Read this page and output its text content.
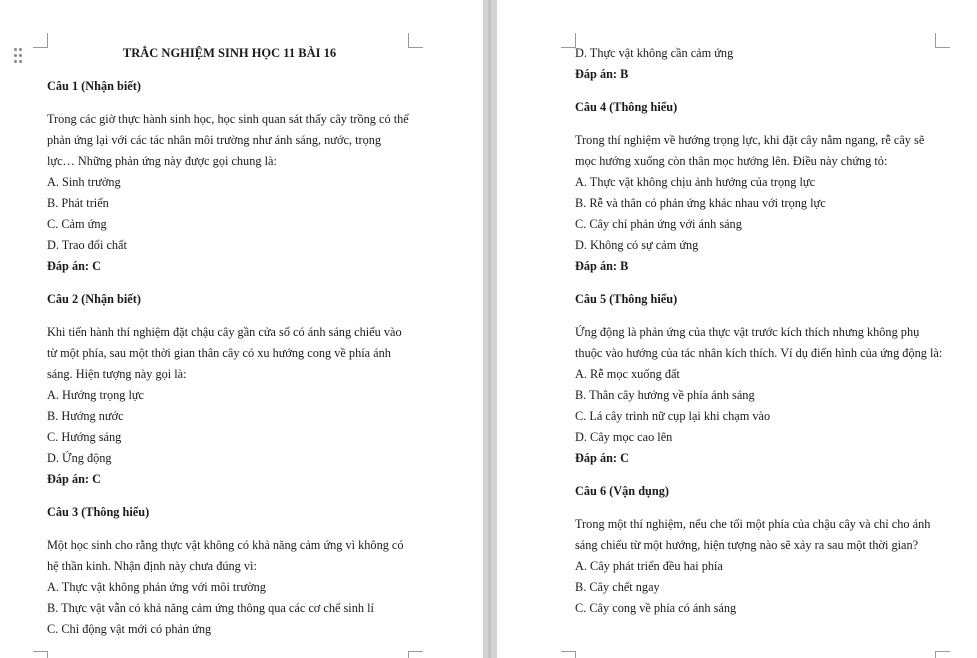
TRẮC NGHIỆM SINH HỌC 11 BÀI 16
Câu 1 (Nhận biết)
Trong các giờ thực hành sinh học, học sinh quan sát thấy cây trồng có thể
phản ứng lại với các tác nhân môi trường như ánh sáng, nước, trọng
lực… Những phản ứng này được gọi chung là:
A. Sinh trưởng
B. Phát triển
C. Cảm ứng
D. Trao đổi chất
Đáp án: C
Câu 2 (Nhận biết)
Khi tiến hành thí nghiệm đặt chậu cây gần cửa sổ có ánh sáng chiếu vào
từ một phía, sau một thời gian thân cây có xu hướng cong về phía ánh
sáng. Hiện tượng này gọi là:
A. Hướng trọng lực
B. Hướng nước
C. Hướng sáng
D. Ứng động
Đáp án: C
Câu 3 (Thông hiểu)
Một học sinh cho rằng thực vật không có khả năng cảm ứng vì không có
hệ thần kinh. Nhận định này chưa đúng vì:
A. Thực vật không phản ứng với môi trường
B. Thực vật vẫn có khả năng cảm ứng thông qua các cơ chế sinh lí
C. Chỉ động vật mới có phản ứng
D. Thực vật không cần cảm ứng
Đáp án: B
Câu 4 (Thông hiểu)
Trong thí nghiệm về hướng trọng lực, khi đặt cây nằm ngang, rễ cây sẽ
mọc hướng xuống còn thân mọc hướng lên. Điều này chứng tỏ:
A. Thực vật không chịu ảnh hưởng của trọng lực
B. Rễ và thân có phản ứng khác nhau với trọng lực
C. Cây chỉ phản ứng với ánh sáng
D. Không có sự cảm ứng
Đáp án: B
Câu 5 (Thông hiểu)
Ứng động là phản ứng của thực vật trước kích thích nhưng không phụ
thuộc vào hướng của tác nhân kích thích. Ví dụ điển hình của ứng động là:
A. Rễ mọc xuống đất
B. Thân cây hướng về phía ánh sáng
C. Lá cây trinh nữ cụp lại khi chạm vào
D. Cây mọc cao lên
Đáp án: C
Câu 6 (Vận dụng)
Trong một thí nghiệm, nếu che tối một phía của chậu cây và chỉ cho ánh
sáng chiếu từ một hướng, hiện tượng nào sẽ xảy ra sau một thời gian?
A. Cây phát triển đều hai phía
B. Cây chết ngay
C. Cây cong về phía có ánh sáng
